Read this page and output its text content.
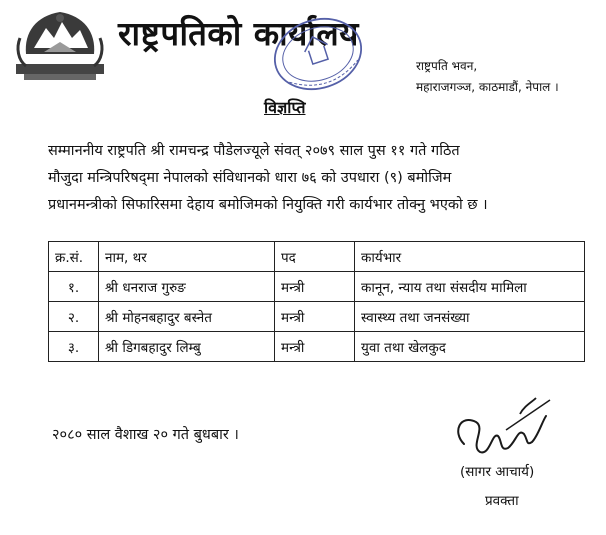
राष्ट्रपतिको कार्यालय
राष्ट्रपति भवन,
महाराजगञ्ज, काठमाडौं, नेपाल ।
विज्ञप्ति
सम्माननीय राष्ट्रपति श्री रामचन्द्र पौडेलज्यूले संवत् २०७९ साल पुस ११ गते गठित
मौजुदा मन्त्रिपरिषद्‌मा नेपालको संविधानको धारा ७६ को उपधारा (९) बमोजिम
प्रधानमन्त्रीको सिफारिसमा देहाय बमोजिमको नियुक्ति गरी कार्यभार तोक्नु भएको छ ।
क्र.सं.	नाम, थर	पद	कार्यभार
१.	श्री धनराज गुरुङ	मन्त्री	कानून, न्याय तथा संसदीय मामिला
२.	श्री मोहनबहादुर बस्नेत	मन्त्री	स्वास्थ्य तथा जनसंख्या
३.	श्री डिगबहादुर लिम्बु	मन्त्री	युवा तथा खेलकुद
२०८० साल वैशाख २० गते बुधबार ।
(सागर आचार्य)
प्रवक्ता
